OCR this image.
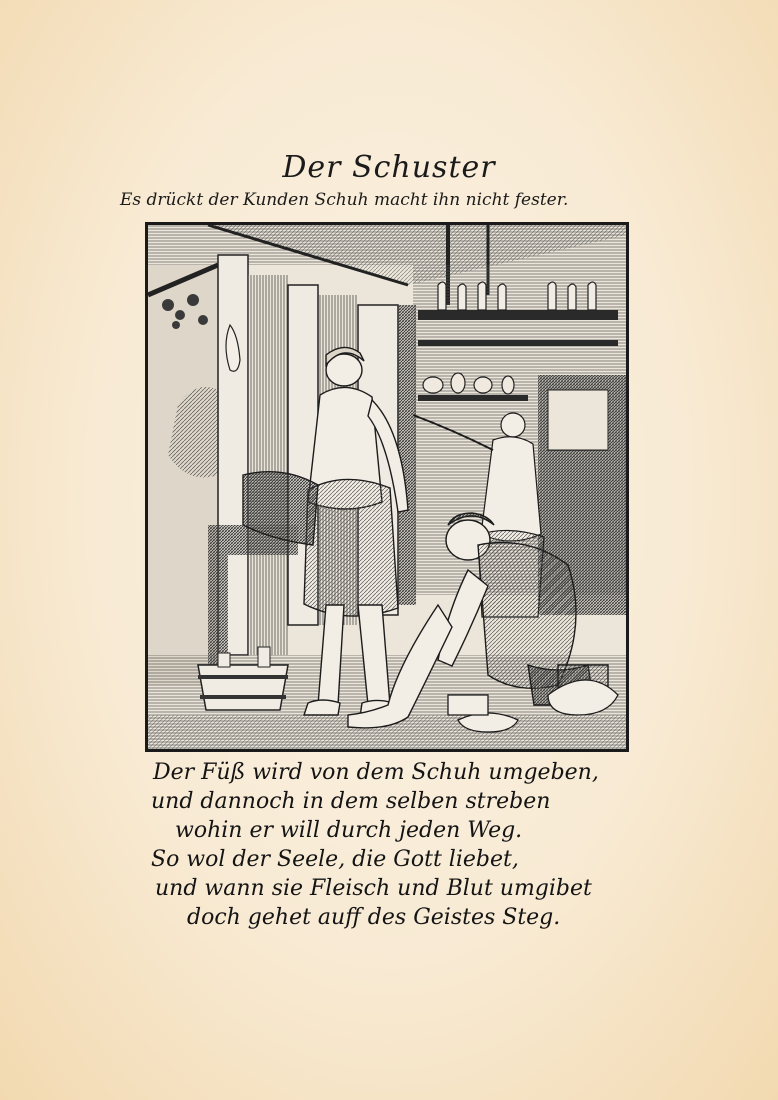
Der Schuster
Es drückt der Kunden Schuh macht ihn nicht fester.
Der Füß wird von dem Schuh umgeben,
und dannoch in dem selben streben
wohin er will durch jeden Weg.
So wol der Seele, die Gott liebet,
und wann sie Fleisch und Blut umgibet
doch gehet auff des Geistes Steg.
